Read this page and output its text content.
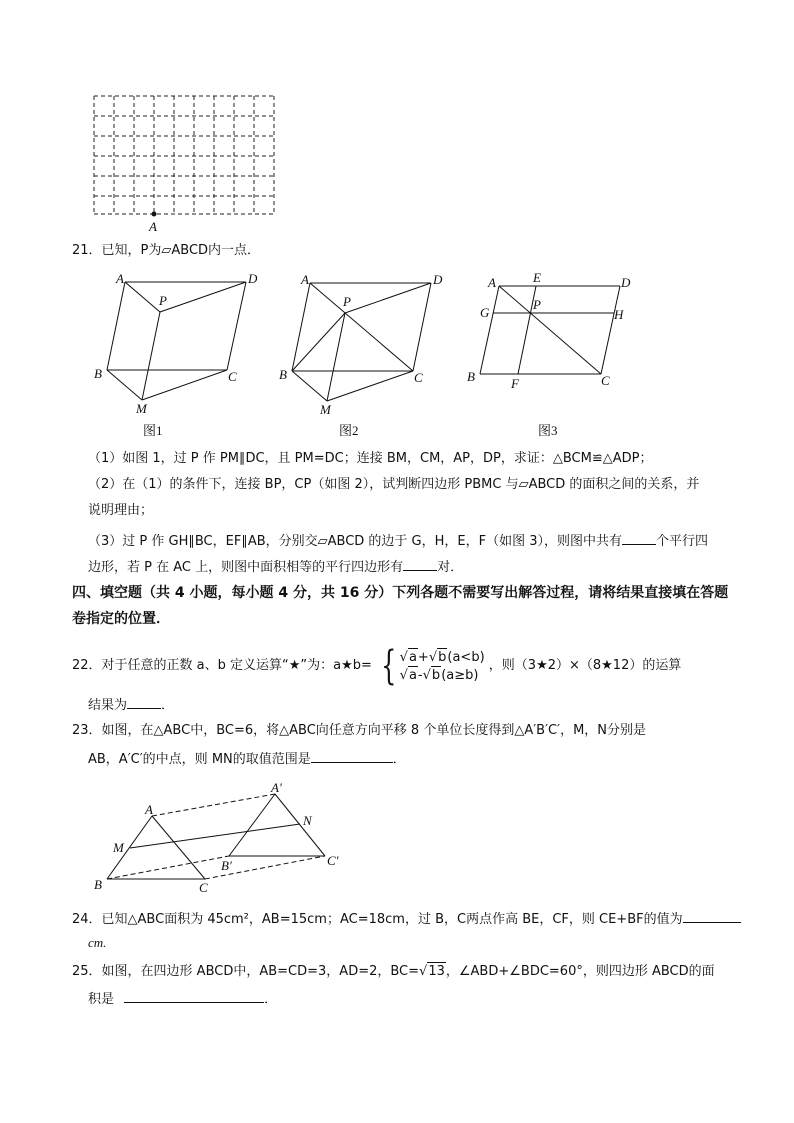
A
21．已知，P为▱ABCD内一点．
A	D
P
B	C
M
图1
A	D
P
B	C
M
图2
A	E	D
G
P
H
B	F	C
图3
（1）如图 1，过 P 作 PM∥DC，且 PM=DC；连接 BM，CM，AP，DP，求证：△BCM≌△ADP；
（2）在（1）的条件下，连接 BP，CP（如图 2），试判断四边形 PBMC 与▱ABCD 的面积之间的关系，并
说明理由；
（3）过 P 作 GH∥BC，EF∥AB，分别交▱ABCD 的边于 G，H，E，F（如图 3），则图中共有	个平行四
边形，若 P 在 AC 上，则图中面积相等的平行四边形有	对．
四、填空题（共 4 小题，每小题 4 分，共 16 分）下列各题不需要写出解答过程，请将结果直接填在答题
卷指定的位置．
22．对于任意的正数 a、b 定义运算“★”为：a★b= { √a+√b(a<b)
√a-√b(a≥b)
，则（3★2）×（8★12）的运算
结果为	．
23．如图，在△ABC中，BC=6，将△ABC向任意方向平移 8 个单位长度得到△A′B′C′，M，N分别是
AB，A′C′的中点，则 MN的取值范围是	．
A
A′
N
M
B′	C′
B	C
24．已知△ABC面积为 45cm²，AB=15cm；AC=18cm，过 B，C两点作高 BE，CF，则 CE+BF的值为
cm.
25．如图，在四边形 ABCD中，AB=CD=3，AD=2，BC=√13，∠ABD+∠BDC=60°，则四边形 ABCD的面
积是	．
